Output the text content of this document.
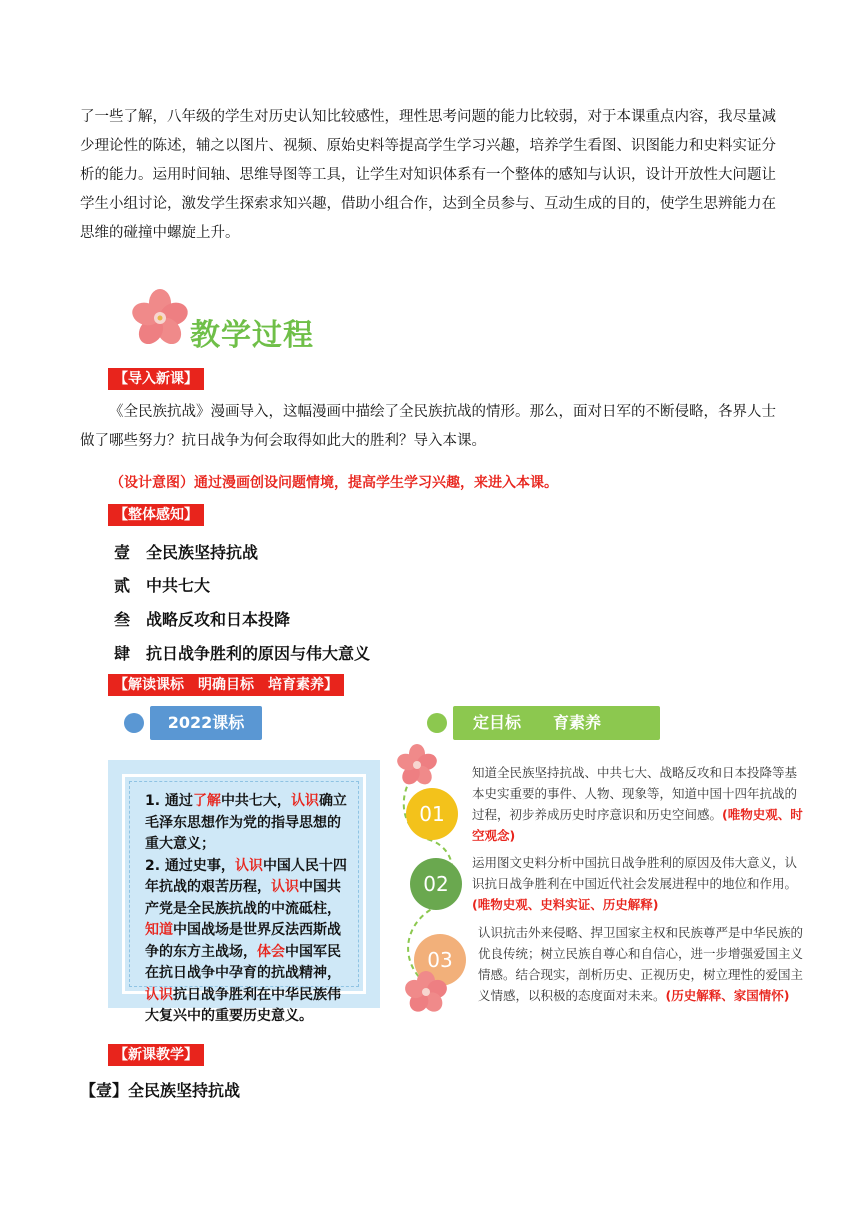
了一些了解，八年级的学生对历史认知比较感性，理性思考问题的能力比较弱，对于本课重点内容，我尽量减少理论性的陈述，辅之以图片、视频、原始史料等提高学生学习兴趣，培养学生看图、识图能力和史料实证分析的能力。运用时间轴、思维导图等工具，让学生对知识体系有一个整体的感知与认识，设计开放性大问题让学生小组讨论，激发学生探索求知兴趣，借助小组合作，达到全员参与、互动生成的目的，使学生思辨能力在思维的碰撞中螺旋上升。

教学过程
【导入新课】

《全民族抗战》漫画导入，这幅漫画中描绘了全民族抗战的情形。那么，面对日军的不断侵略，各界人士做了哪些努力？抗日战争为何会取得如此大的胜利？导入本课。

（设计意图）通过漫画创设问题情境，提高学生学习兴趣，来进入本课。
【整体感知】
壹 全民族坚持抗战
贰 中共七大
叁 战略反攻和日本投降
肆 抗日战争胜利的原因与伟大意义
【解读课标　明确目标　培育素养】
2022课标

1. 通过了解中共七大，认识确立毛泽东思想作为党的指导思想的重大意义；
2. 通过史事，认识中国人民十四年抗战的艰苦历程，认识中国共产党是全民族抗战的中流砥柱，知道中国战场是世界反法西斯战争的东方主战场，体会中国军民在抗日战争中孕育的抗战精神，认识抗日战争胜利在中华民族伟大复兴中的重要历史意义。

定目标　　育素养
01
02
03

知道全民族坚持抗战、中共七大、战略反攻和日本投降等基本史实重要的事件、人物、现象等，知道中国十四年抗战的过程，初步养成历史时序意识和历史空间感。(唯物史观、时空观念)

运用图文史料分析中国抗日战争胜利的原因及伟大意义，认识抗日战争胜利在中国近代社会发展进程中的地位和作用。(唯物史观、史料实证、历史解释)

认识抗击外来侵略、捍卫国家主权和民族尊严是中华民族的优良传统；树立民族自尊心和自信心，进一步增强爱国主义情感。结合现实，剖析历史、正视历史，树立理性的爱国主义情感，以积极的态度面对未来。(历史解释、家国情怀)

【新课教学】
【壹】全民族坚持抗战
